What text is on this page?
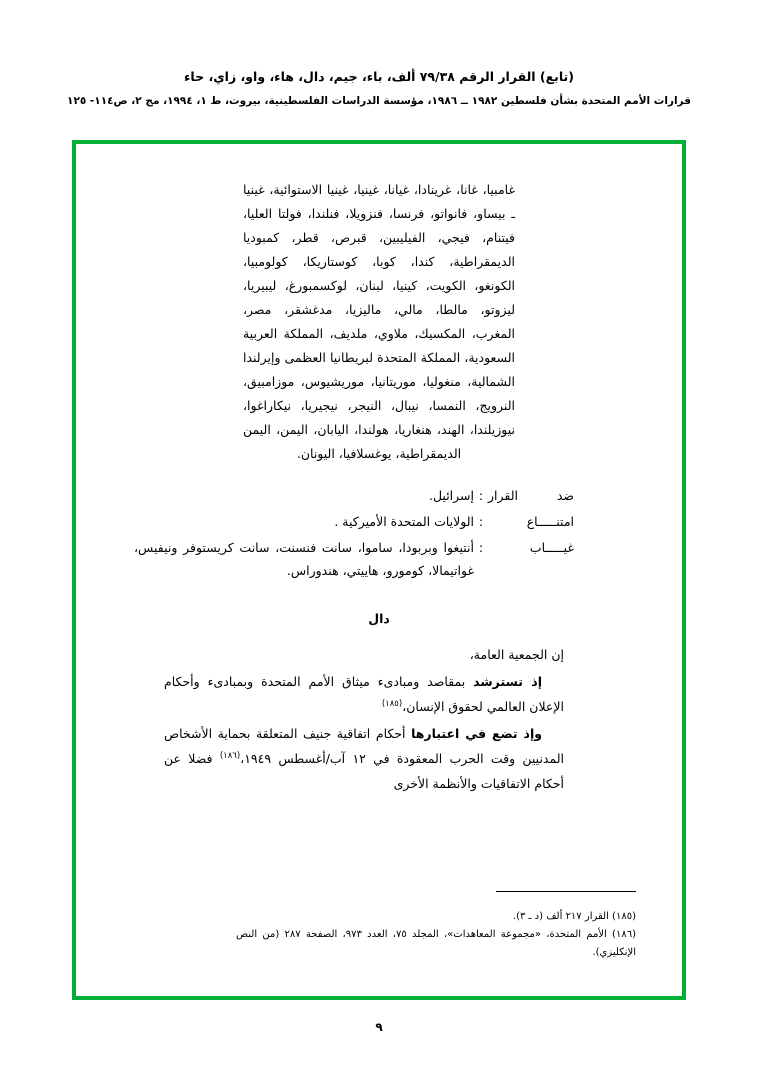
(تابع) القرار الرقم ٧٩/٣٨ ألف، باء، جيم، دال، هاء، واو، زاي، حاء
قرارات الأمم المتحدة بشأن فلسطين ١٩٨٢ ــ ١٩٨٦، مؤسسة الدراسات الفلسطينية، بيروت، ط ١، ١٩٩٤، مج ٢، ص١١٤- ١٢٥
غامبيا، غانا، غرينادا، غيانا، غينيا، غينيا الاستوائية، غينيا ـ بيساو، فانواتو، فرنسا، فنزويلا، فنلندا، فولتا العليا، فيتنام، فيجي، الفيليبين، قبرص، قطر، كمبوديا الديمقراطية، كندا، كوبا، كوستاريكا، كولومبيا، الكونغو، الكويت، كينيا، لبنان، لوكسمبورغ، ليبيريا، ليزوتو، مالطا، مالي، ماليزيا، مدغشقر، مصر، المغرب، المكسيك، ملاوي، ملديف، المملكة العربية السعودية، المملكة المتحدة لبريطانيا العظمى وإيرلندا الشمالية، منغوليا، موريتانيا، موريشيوس، موزامبيق، النرويج، النمسا، نيبال، النيجر، نيجيريا، نيكاراغوا، نيوزيلندا، الهند، هنغاريا، هولندا، اليابان، اليمن، اليمن الديمقراطية، يوغسلافيا، اليونان.
ضد القرار
:
إسرائيل.
امتنـــــاع
:
الولايات المتحدة الأميركية .
غيـــــاب
:
أنتيغوا وبربودا، ساموا، سانت فنسنت، سانت كريستوفر ونيفيس، غواتيمالا، كومورو، هاييتي، هندوراس.
دال
إن الجمعية العامة،
إذ تسترشد بمقاصد ومبادىء ميثاق الأمم المتحدة وبمبادىء وأحكام الإعلان العالمي لحقوق الإنسان،$^{(١٨٥)}$
وإذ تضع في اعتبارها أحكام اتفاقية جنيف المتعلقة بحماية الأشخاص المدنيين وقت الحرب المعقودة في ١٢ آب/أغسطس ١٩٤٩،$^{(١٨٦)}$ فضلا عن أحكام الاتفاقيات والأنظمة الأخرى
(١٨٥) القرار ٢١٧ ألف (د ـ ٣).
(١٨٦) الأمم المتحدة، «مجموعة المعاهدات»، المجلد ٧٥، العدد ٩٧٣، الصفحة ٢٨٧ (من النص الإنكليزي).
٩
